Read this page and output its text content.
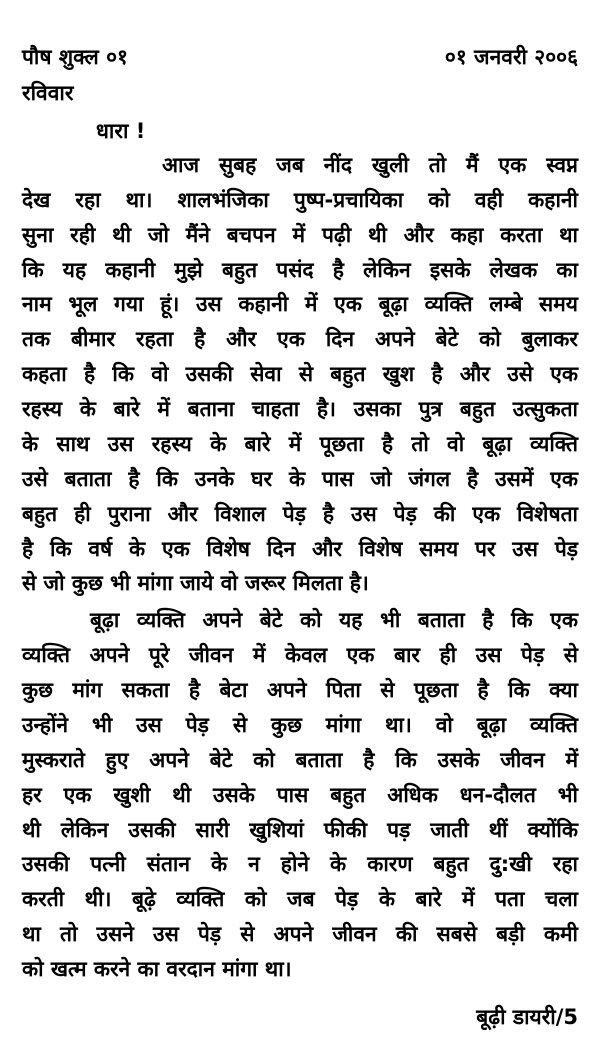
पौष शुक्ल ०१	०१ जनवरी २००६
रविवार
धारा !
आज सुबह जब नींद खुली तो मैं एक स्वप्न
देख रहा था। शालभंजिका पुष्प-प्रचायिका को वही कहानी
सुना रही थी जो मैंने बचपन में पढ़ी थी और कहा करता था
कि यह कहानी मुझे बहुत पसंद है लेकिन इसके लेखक का
नाम भूल गया हूं। उस कहानी में एक बूढ़ा व्यक्ति लम्बे समय
तक बीमार रहता है और एक दिन अपने बेटे को बुलाकर
कहता है कि वो उसकी सेवा से बहुत खुश है और उसे एक
रहस्य के बारे में बताना चाहता है। उसका पुत्र बहुत उत्सुकता
के साथ उस रहस्य के बारे में पूछता है तो वो बूढ़ा व्यक्ति
उसे बताता है कि उनके घर के पास जो जंगल है उसमें एक
बहुत ही पुराना और विशाल पेड़ है उस पेड़ की एक विशेषता
है कि वर्ष के एक विशेष दिन और विशेष समय पर उस पेड़
से जो कुछ भी मांगा जाये वो जरूर मिलता है।
बूढ़ा व्यक्ति अपने बेटे को यह भी बताता है कि एक
व्यक्ति अपने पूरे जीवन में केवल एक बार ही उस पेड़ से
कुछ मांग सकता है बेटा अपने पिता से पूछता है कि क्या
उन्होंने भी उस पेड़ से कुछ मांगा था। वो बूढ़ा व्यक्ति
मुस्कराते हुए अपने बेटे को बताता है कि उसके जीवन में
हर एक खुशी थी उसके पास बहुत अधिक धन-दौलत भी
थी लेकिन उसकी सारी खुशियां फीकी पड़ जाती थीं क्योंकि
उसकी पत्नी संतान के न होने के कारण बहुत दु:खी रहा
करती थी। बूढ़े व्यक्ति को जब पेड़ के बारे में पता चला
था तो उसने उस पेड़ से अपने जीवन की सबसे बड़ी कमी
को खत्म करने का वरदान मांगा था।
बूढ़ी डायरी/5
